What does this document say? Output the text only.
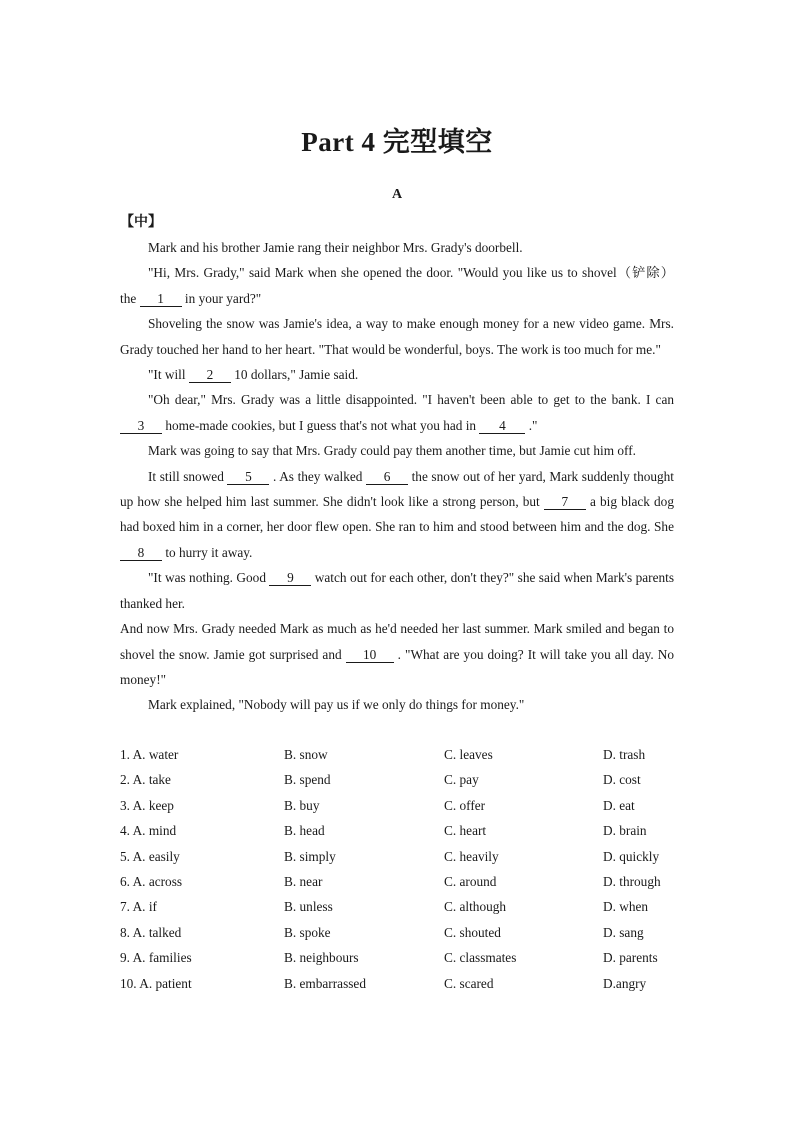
Part 4 完型填空
A
【中】

Mark and his brother Jamie rang their neighbor Mrs. Grady's doorbell.

"Hi, Mrs. Grady," said Mark when she opened the door. "Would you like us to shovel（铲除） the 1 in your yard?"

Shoveling the snow was Jamie's idea, a way to make enough money for a new video game. Mrs. Grady touched her hand to her heart. "That would be wonderful, boys. The work is too much for me."

"It will 2 10 dollars," Jamie said.

"Oh dear," Mrs. Grady was a little disappointed. "I haven't been able to get to the bank. I can 3 home-made cookies, but I guess that's not what you had in 4 ."

Mark was going to say that Mrs. Grady could pay them another time, but Jamie cut him off.

It still snowed 5 . As they walked 6 the snow out of her yard, Mark suddenly thought up how she helped him last summer. She didn't look like a strong person, but 7 a big black dog had boxed him in a corner, her door flew open. She ran to him and stood between him and the dog. She 8 to hurry it away.

"It was nothing. Good 9 watch out for each other, don't they?" she said when Mark's parents thanked her.

And now Mrs. Grady needed Mark as much as he'd needed her last summer. Mark smiled and began to shovel the snow. Jamie got surprised and 10 . "What are you doing? It will take you all day. No money!"

Mark explained, "Nobody will pay us if we only do things for money."

1. A. water	B. snow	C. leaves	D. trash
2. A. take	B. spend	C. pay	D. cost
3. A. keep	B. buy	C. offer	D. eat
4. A. mind	B. head	C. heart	D. brain
5. A. easily	B. simply	C. heavily	D. quickly
6. A. across	B. near	C. around	D. through
7. A. if	B. unless	C. although	D. when
8. A. talked	B. spoke	C. shouted	D. sang
9. A. families	B. neighbours	C. classmates	D. parents
10. A. patient	B. embarrassed	C. scared	D.angry
